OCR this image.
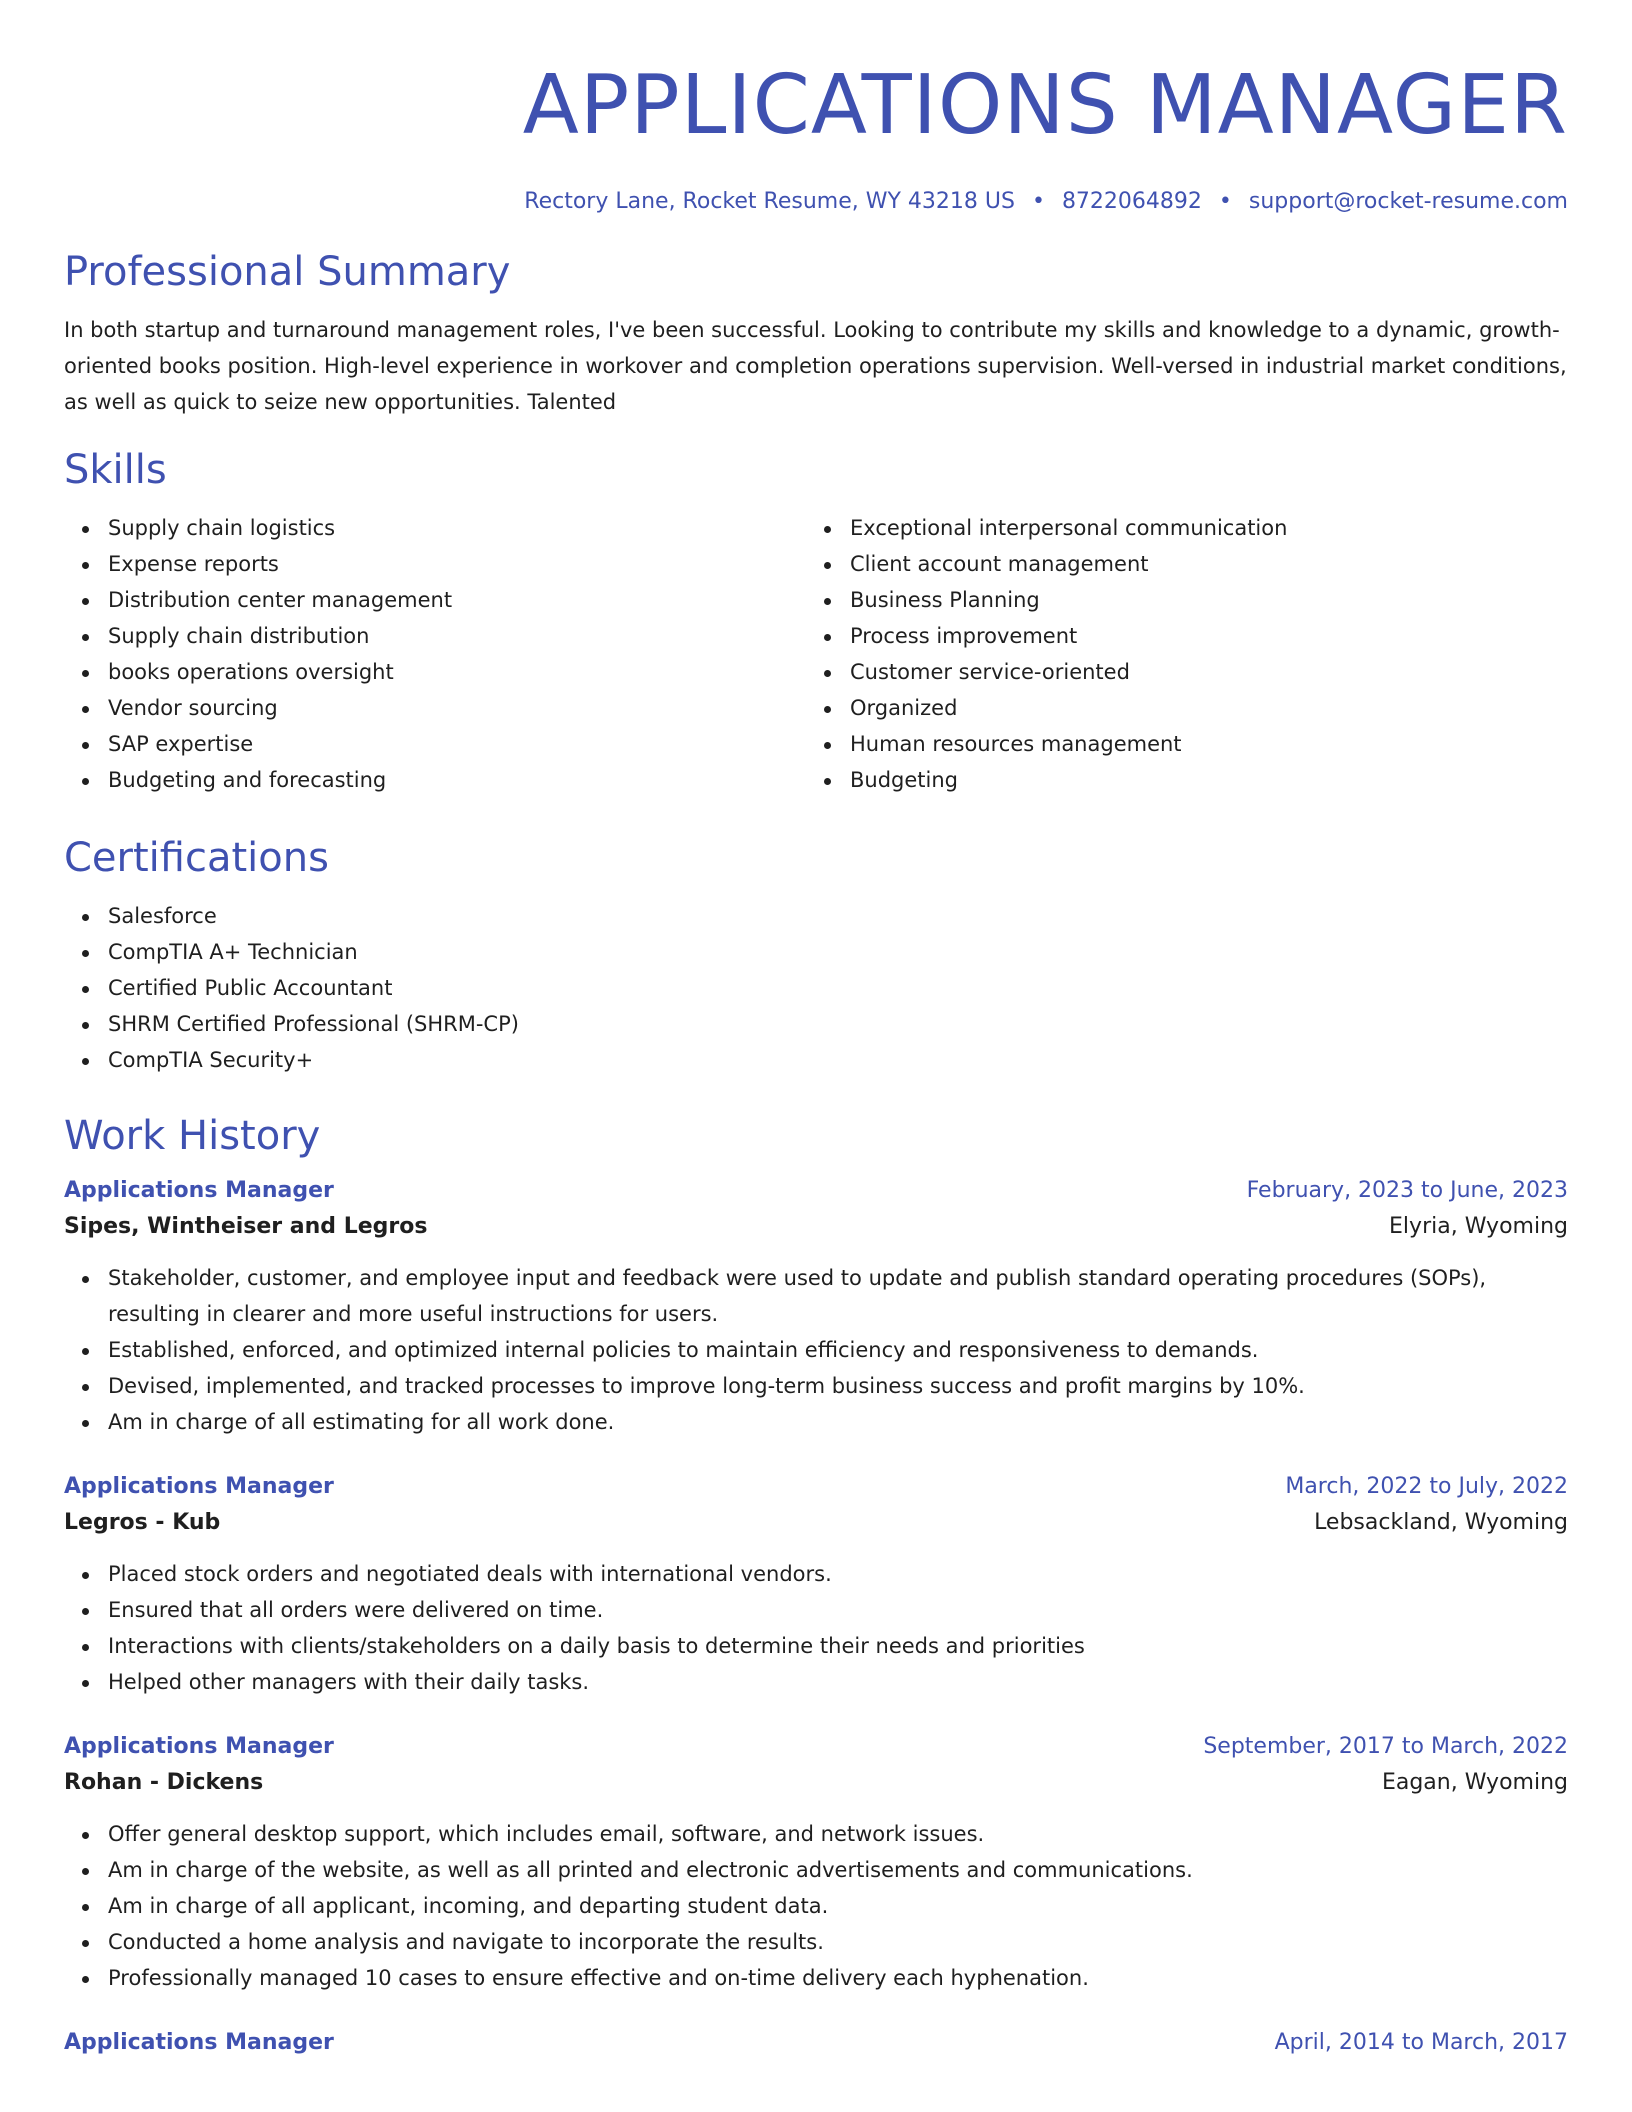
APPLICATIONS MANAGER
Rectory Lane, Rocket Resume, WY 43218 US • 8722064892 • support@rocket-resume.com
Professional Summary
In both startup and turnaround management roles, I've been successful. Looking to contribute my skills and knowledge to a dynamic, growth-oriented books position. High-level experience in workover and completion operations supervision. Well-versed in industrial market conditions, as well as quick to seize new opportunities. Talented
Skills
Supply chain logistics
Expense reports
Distribution center management
Supply chain distribution
books operations oversight
Vendor sourcing
SAP expertise
Budgeting and forecasting
Exceptional interpersonal communication
Client account management
Business Planning
Process improvement
Customer service-oriented
Organized
Human resources management
Budgeting
Certifications
Salesforce
CompTIA A+ Technician
Certified Public Accountant
SHRM Certified Professional (SHRM-CP)
CompTIA Security+
Work History
Applications Manager	February, 2023 to June, 2023
Sipes, Wintheiser and Legros	Elyria, Wyoming
Stakeholder, customer, and employee input and feedback were used to update and publish standard operating procedures (SOPs), resulting in clearer and more useful instructions for users.
Established, enforced, and optimized internal policies to maintain efficiency and responsiveness to demands.
Devised, implemented, and tracked processes to improve long-term business success and profit margins by 10%.
Am in charge of all estimating for all work done.
Applications Manager	March, 2022 to July, 2022
Legros - Kub	Lebsackland, Wyoming
Placed stock orders and negotiated deals with international vendors.
Ensured that all orders were delivered on time.
Interactions with clients/stakeholders on a daily basis to determine their needs and priorities
Helped other managers with their daily tasks.
Applications Manager	September, 2017 to March, 2022
Rohan - Dickens	Eagan, Wyoming
Offer general desktop support, which includes email, software, and network issues.
Am in charge of the website, as well as all printed and electronic advertisements and communications.
Am in charge of all applicant, incoming, and departing student data.
Conducted a home analysis and navigate to incorporate the results.
Professionally managed 10 cases to ensure effective and on-time delivery each hyphenation.
Applications Manager	April, 2014 to March, 2017
